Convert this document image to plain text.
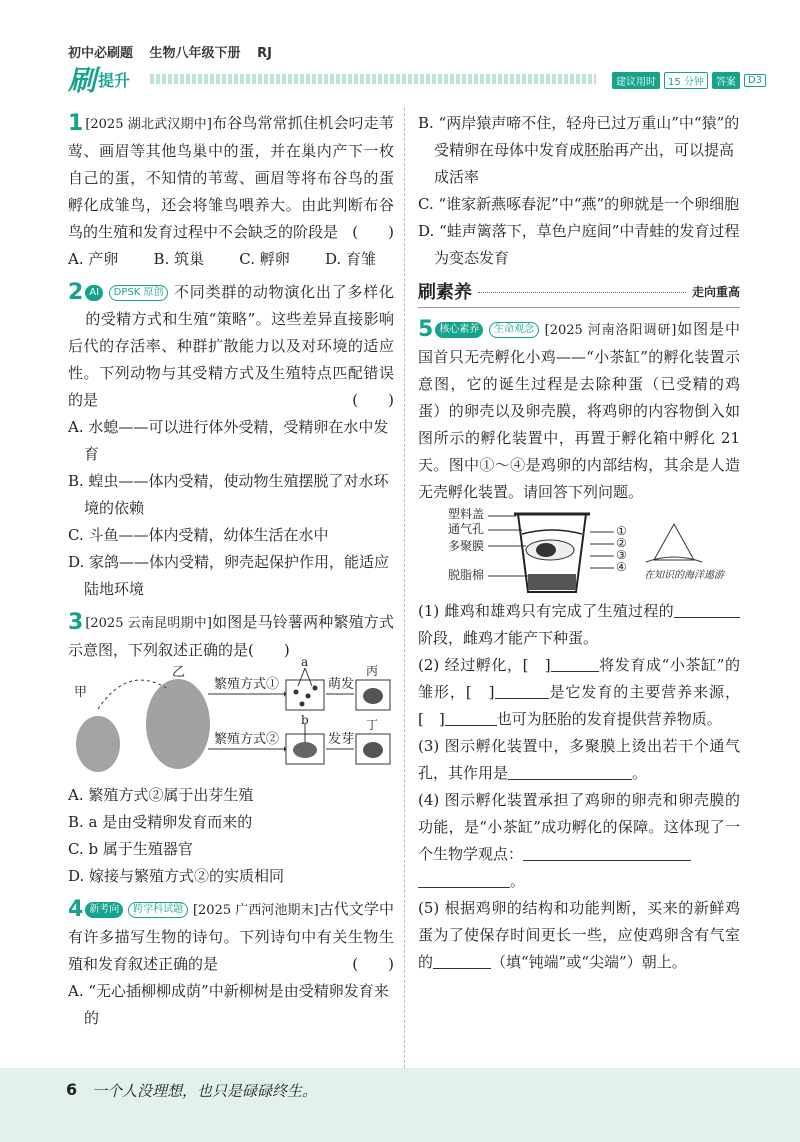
初中必刷题 生物八年级下册 RJ
刷 提升	建议用时	15 分钟	答案	D3
1 [2025 湖北武汉期中]布谷鸟常常抓住机会叼走苇莺、画眉等其他鸟巢中的蛋，并在巢内产下一枚自己的蛋，不知情的苇莺、画眉等将布谷鸟的蛋孵化成雏鸟，还会将雏鸟喂养大。由此判断布谷鸟的生殖和发育过程中不会缺乏的阶段是 (　　)
A. 产卵 B. 筑巢 C. 孵卵 D. 育雏
2 AI DPSK 原创 不同类群的动物演化出了多样化的受精方式和生殖“策略”。这些差异直接影响后代的存活率、种群扩散能力以及对环境的适应性。下列动物与其受精方式及生殖特点匹配错误的是	(　　)
A. 水螅——可以进行体外受精，受精卵在水中发育
B. 蝗虫——体内受精，使动物生殖摆脱了对水环境的依赖
C. 斗鱼——体内受精，幼体生活在水中
D. 家鸽——体内受精，卵壳起保护作用，能适应陆地环境
3 [2025 云南昆明期中]如图是马铃薯两种繁殖方式示意图，下列叙述正确的是(　　)
甲
乙
繁殖方式①
繁殖方式②
a
b
萌发
发芽
丙
丁
A. 繁殖方式②属于出芽生殖
B. a 是由受精卵发育而来的
C. b 属于生殖器官
D. 嫁接与繁殖方式②的实质相同
4 新考向 跨学科试题 [2025 广西河池期末]古代文学中有许多描写生物的诗句。下列诗句中有关生物生殖和发育叙述正确的是	(　　)
A. “无心插柳柳成荫”中新柳树是由受精卵发育来的
B. “两岸猿声啼不住，轻舟已过万重山”中“猿”的受精卵在母体中发育成胚胎再产出，可以提高成活率
C. “谁家新燕啄春泥”中“燕”的卵就是一个卵细胞
D. “蛙声篱落下，草色户庭间”中青蛙的发育过程为变态发育
刷素养	走向重高
5 核心素养 生命观念 [2025 河南洛阳调研]如图是中国首只无壳孵化小鸡——“小茶缸”的孵化装置示意图，它的诞生过程是去除种蛋（已受精的鸡蛋）的卵壳以及卵壳膜，将鸡卵的内容物倒入如图所示的孵化装置中，再置于孵化箱中孵化 21 天。图中①～④是鸡卵的内部结构，其余是人造无壳孵化装置。请回答下列问题。
塑料盖
通气孔
多聚膜
脱脂棉
①
②
③
④
在知识的海洋遨游
(1) 雌鸡和雄鸡只有完成了生殖过程的阶段，雌鸡才能产下种蛋。
(2) 经过孵化，[　]	将发育成“小茶缸”的雏形，[　]	是它发育的主要营养来源，[　]	也可为胚胎的发育提供营养物质。
(3) 图示孵化装置中，多聚膜上烫出若干个通气孔，其作用是	。
(4) 图示孵化装置承担了鸡卵的卵壳和卵壳膜的功能，是“小茶缸”成功孵化的保障。这体现了一个生物学观点：
。
(5) 根据鸡卵的结构和功能判断，买来的新鲜鸡蛋为了使保存时间更长一些，应使鸡卵含有气室的	（填“钝端”或“尖端”）朝上。
6 一个人没理想，也只是碌碌终生。
